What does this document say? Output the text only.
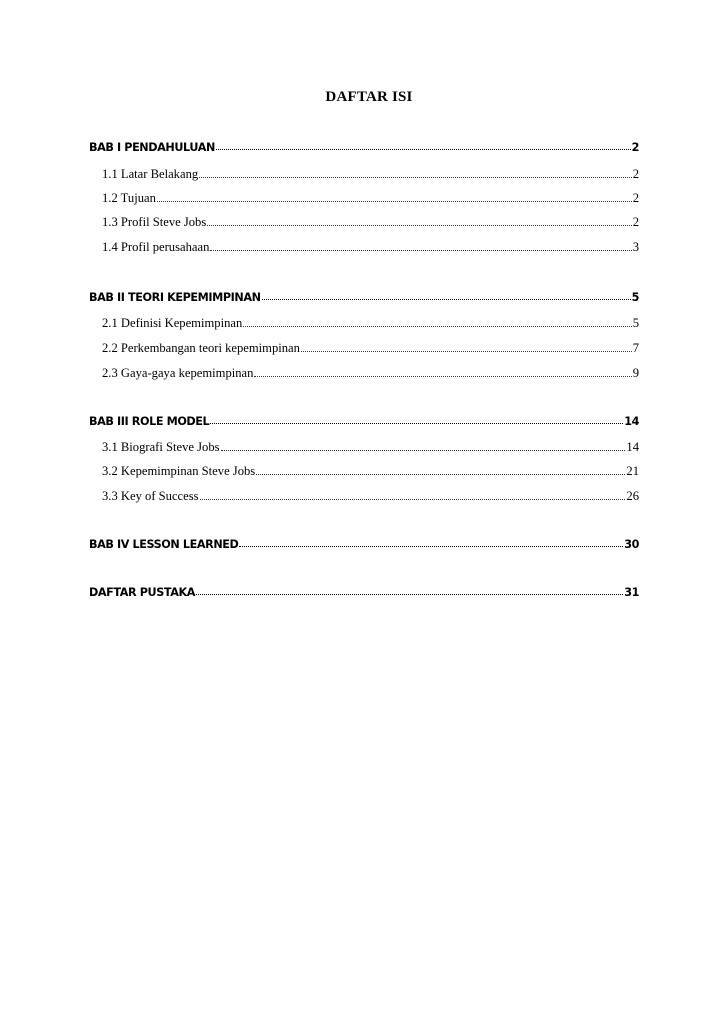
DAFTAR ISI
BAB I PENDAHULUAN	2
1.1 Latar Belakang	2
1.2 Tujuan	2
1.3 Profil Steve Jobs	2
1.4 Profil perusahaan	3
BAB II TEORI KEPEMIMPINAN	5
2.1 Definisi Kepemimpinan	5
2.2 Perkembangan teori kepemimpinan	7
2.3 Gaya-gaya kepemimpinan	9
BAB III ROLE MODEL	14
3.1 Biografi Steve Jobs	14
3.2 Kepemimpinan Steve Jobs	21
3.3 Key of Success	26
BAB IV LESSON LEARNED	30
DAFTAR PUSTAKA	31
